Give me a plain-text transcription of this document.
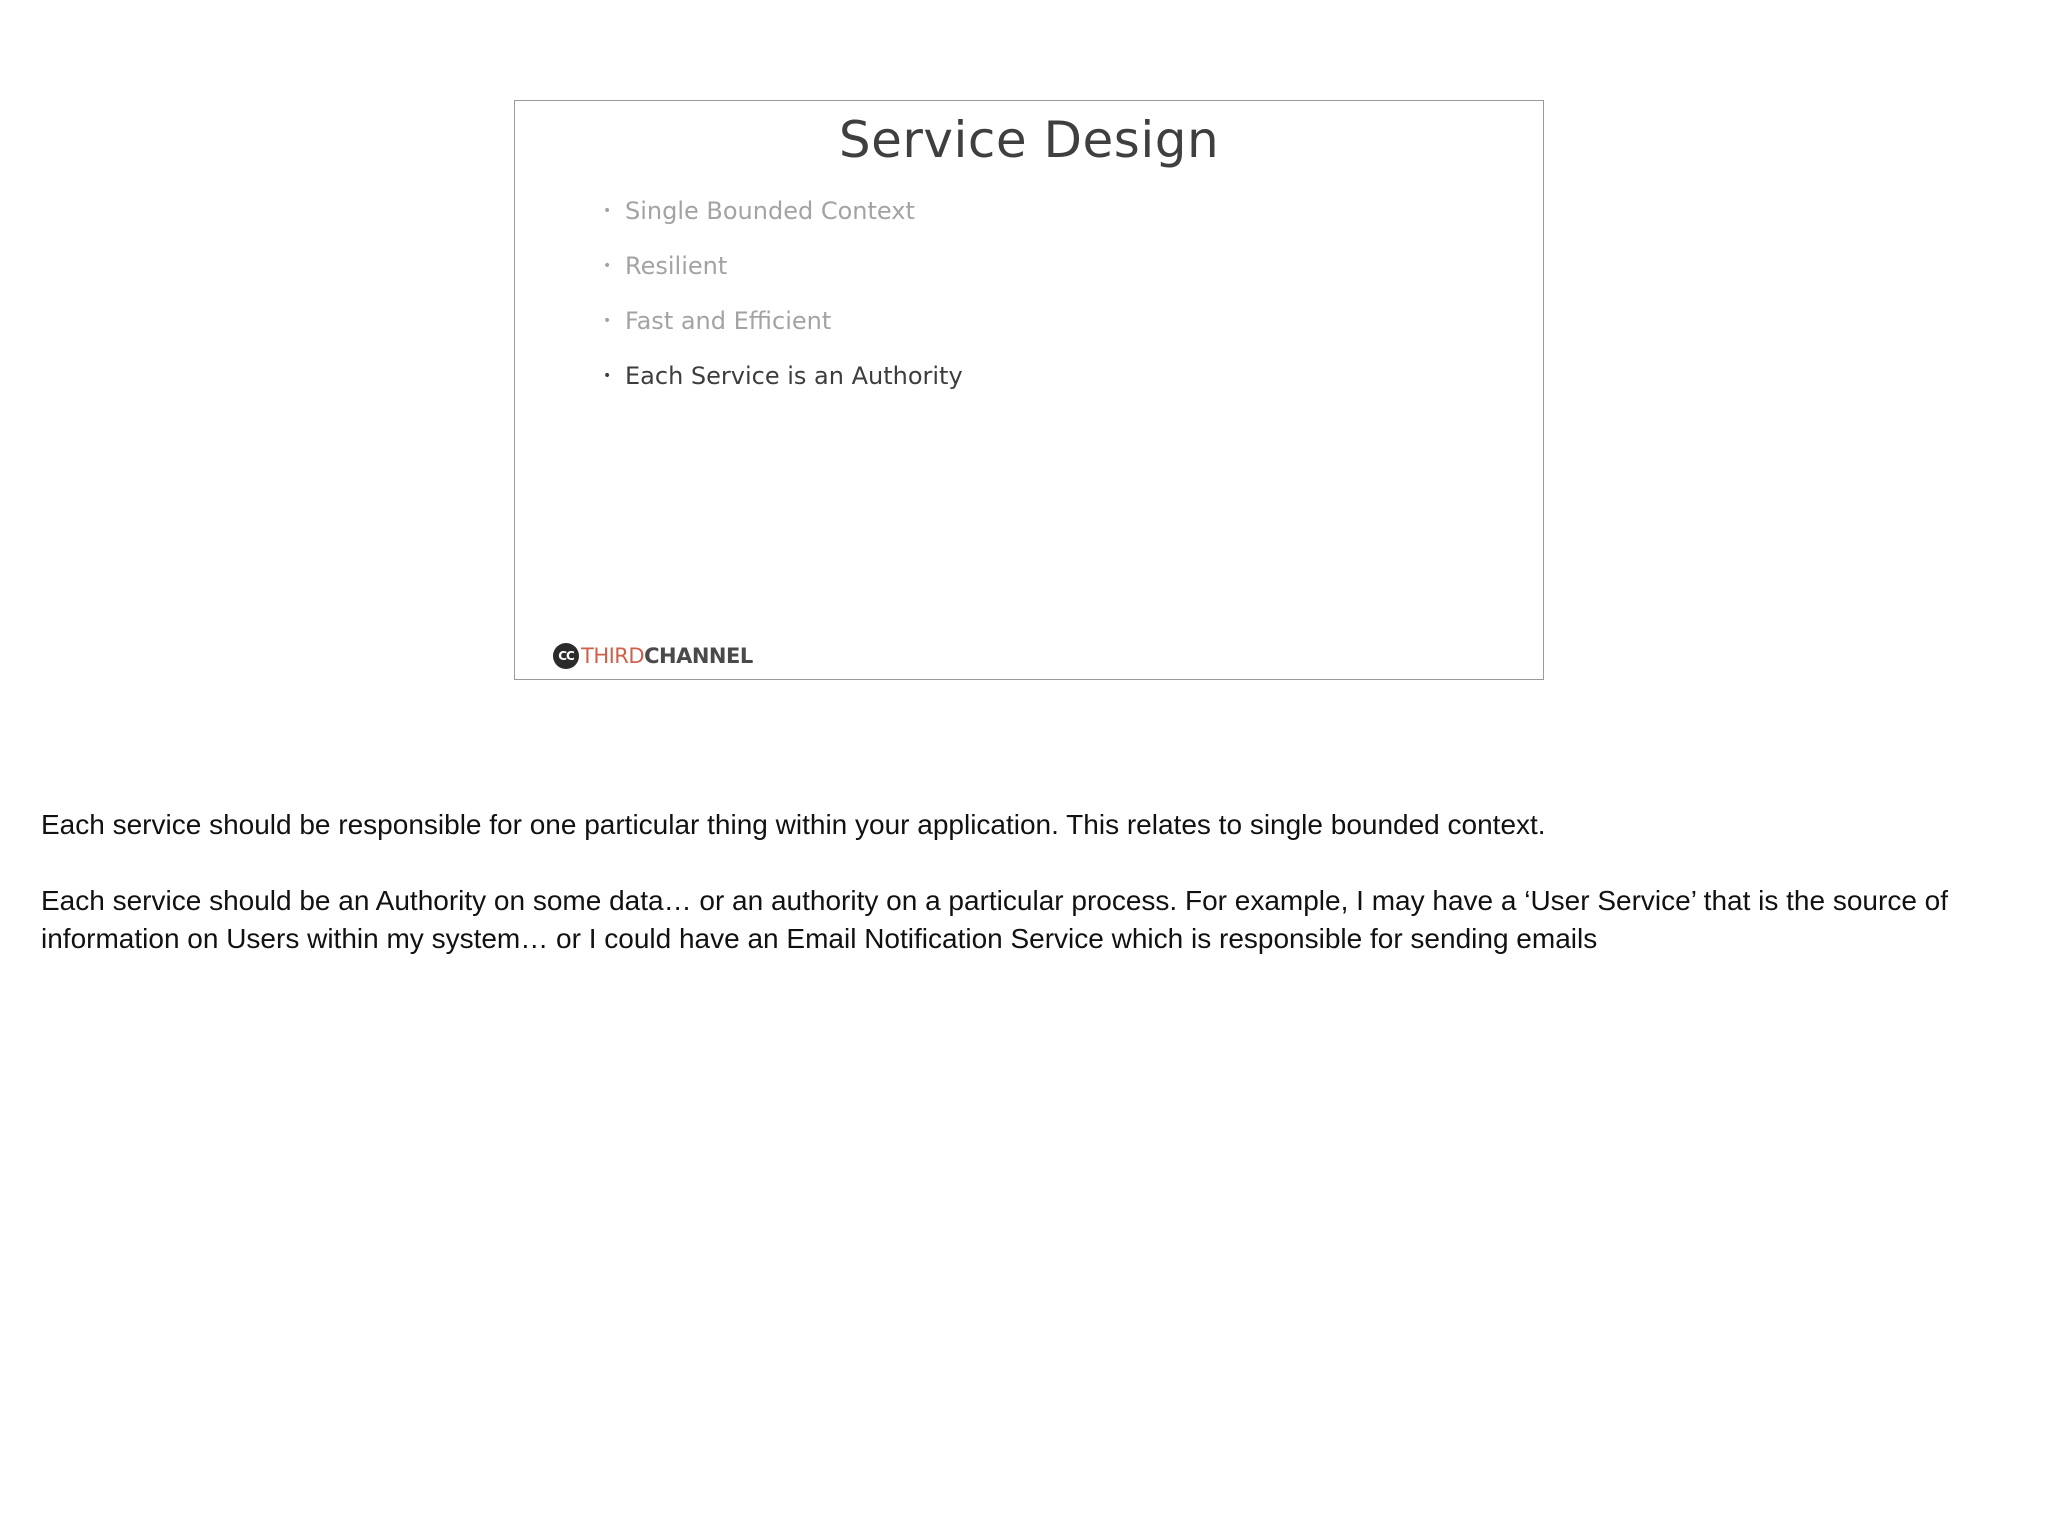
Service Design
• Single Bounded Context
• Resilient
• Fast and Efficient
• Each Service is an Authority
CC THIRD CHANNEL

Each service should be responsible for one particular thing within your application. This relates to single bounded context.

Each service should be an Authority on some data… or an authority on a particular process. For example, I may have a ‘User Service’ that is the source of information on Users within my system… or I could have an Email Notification Service which is responsible for sending emails
